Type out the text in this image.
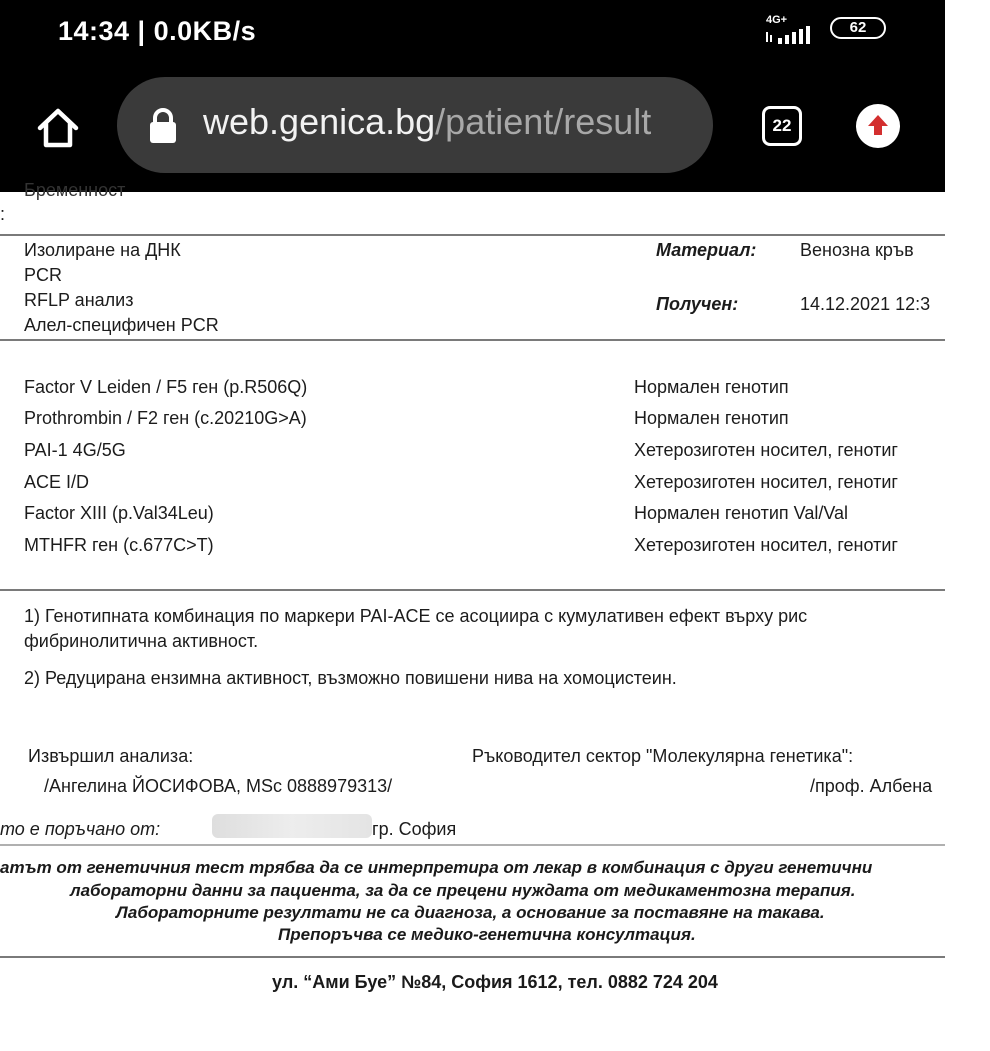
14:34 | 0.0KB/s	4G+	62
web.genica.bg/patient/result	22
Бременност
:
Изолиране на ДНК
PCR
RFLP анализ
Алел-специфичен PCR
Материал: Венозна кръв
Получен:	14.12.2021 12:3
Factor V Leiden / F5 ген (p.R506Q)	Нормален генотип
Prothrombin / F2 ген (c.20210G>A)	Нормален генотип
PAI-1 4G/5G	Хетерозиготен носител, генотиг
ACE I/D	Хетерозиготен носител, генотиг
Factor XIII (p.Val34Leu)	Нормален генотип Val/Val
MTHFR ген (c.677C>T)	Хетерозиготен носител, генотиг
1) Генотипната комбинация по маркери PAI-ACE се асоциира с кумулативен ефект върху рис
фибринолитична активност.
2) Редуцирана ензимна активност, възможно повишени нива на хомоцистеин.
Извършил анализа:
/Ангелина ЙОСИФОВА, MSc 0888979313/
Ръководител сектор "Молекулярна генетика":
/проф. Албена
то е поръчано от:	гр. София
атът от генетичния тест трябва да се интерпретира от лекар в комбинация с други генетични
лабораторни данни за пациента, за да се прецени нуждата от медикаментозна терапия.
Лабораторните резултати не са диагноза, а основание за поставяне на такава.
Препоръчва се медико-генетична консултация.
ул. “Ами Буе” №84, София 1612, тел. 0882 724 204
